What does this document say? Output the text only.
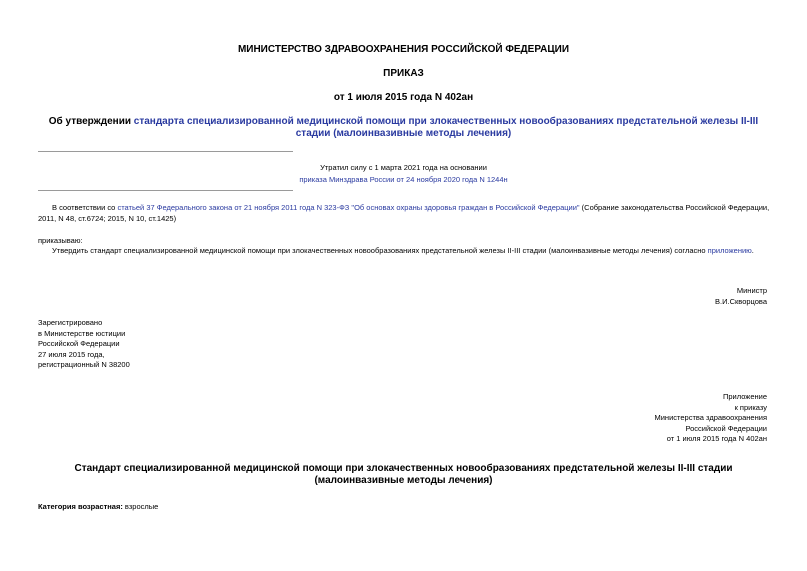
МИНИСТЕРСТВО ЗДРАВООХРАНЕНИЯ РОССИЙСКОЙ ФЕДЕРАЦИИ
ПРИКАЗ
от 1 июля 2015 года N 402ан
Об утверждении стандарта специализированной медицинской помощи при злокачественных новообразованиях предстательной железы II-III стадии (малоинвазивные методы лечения)
Утратил силу с 1 марта 2021 года на основании
приказа Минздрава России от 24 ноября 2020 года N 1244н
В соответствии со статьей 37 Федерального закона от 21 ноября 2011 года N 323-ФЗ "Об основах охраны здоровья граждан в Российской Федерации" (Собрание законодательства Российской Федерации, 2011, N 48, ст.6724; 2015, N 10, ст.1425)
приказываю:
Утвердить стандарт специализированной медицинской помощи при злокачественных новообразованиях предстательной железы II-III стадии (малоинвазивные методы лечения) согласно приложению.
Министр
В.И.Скворцова
Зарегистрировано
в Министерстве юстиции
Российской Федерации
27 июля 2015 года,
регистрационный N 38200
Приложение
к приказу
Министерства здравоохранения
Российской Федерации
от 1 июля 2015 года N 402ан
Стандарт специализированной медицинской помощи при злокачественных новообразованиях предстательной железы II-III стадии (малоинвазивные методы лечения)
Категория возрастная: взрослые
